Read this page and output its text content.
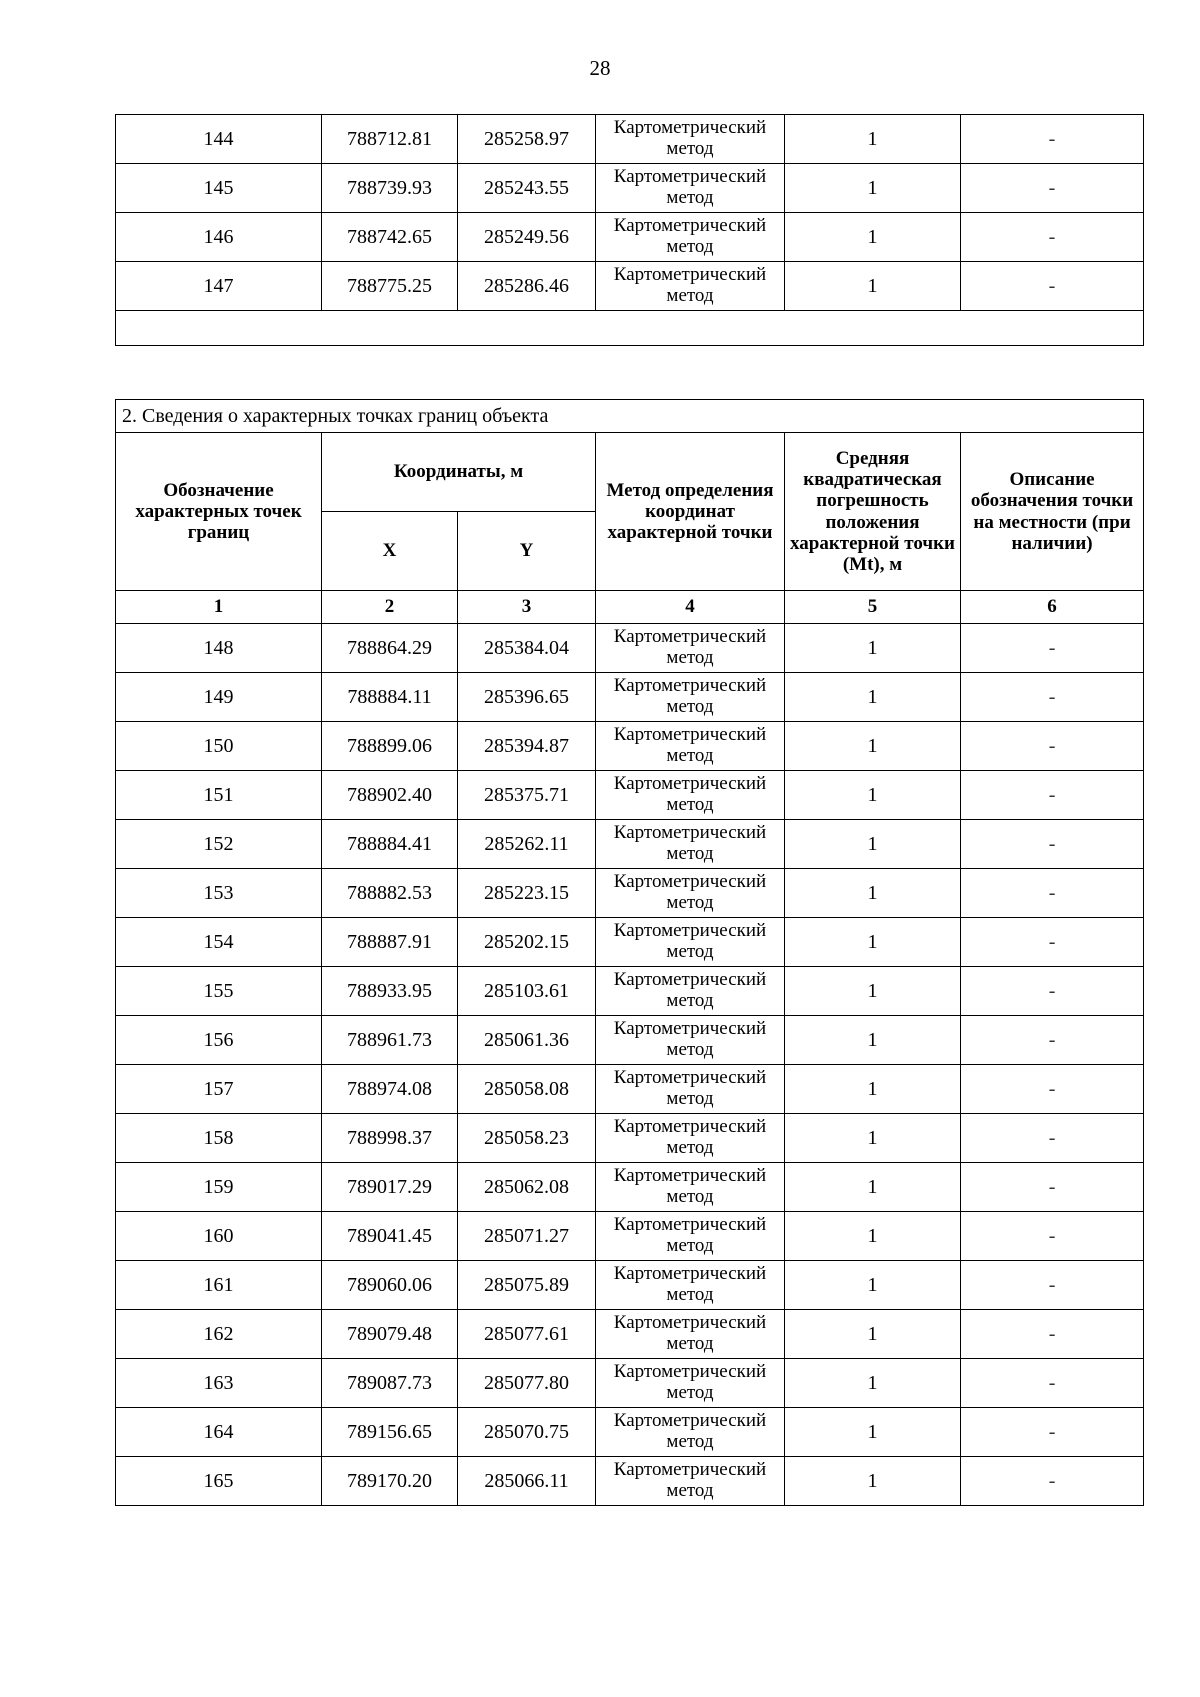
28
144	788712.81	285258.97	Картометрический метод	1	-
145	788739.93	285243.55	Картометрический метод	1	-
146	788742.65	285249.56	Картометрический метод	1	-
147	788775.25	285286.46	Картометрический метод	1	-

2. Сведения о характерных точках границ объекта					
Обозначение характерных точек границ	Координаты, м		Метод определения координат характерной точки	Средняя квадратическая погрешность положения характерной точки (Mt), м	Описание обозначения точки на местности (при наличии)
	X	Y			
1	2	3	4	5	6
148	788864.29	285384.04	Картометрический метод	1	-
149	788884.11	285396.65	Картометрический метод	1	-
150	788899.06	285394.87	Картометрический метод	1	-
151	788902.40	285375.71	Картометрический метод	1	-
152	788884.41	285262.11	Картометрический метод	1	-
153	788882.53	285223.15	Картометрический метод	1	-
154	788887.91	285202.15	Картометрический метод	1	-
155	788933.95	285103.61	Картометрический метод	1	-
156	788961.73	285061.36	Картометрический метод	1	-
157	788974.08	285058.08	Картометрический метод	1	-
158	788998.37	285058.23	Картометрический метод	1	-
159	789017.29	285062.08	Картометрический метод	1	-
160	789041.45	285071.27	Картометрический метод	1	-
161	789060.06	285075.89	Картометрический метод	1	-
162	789079.48	285077.61	Картометрический метод	1	-
163	789087.73	285077.80	Картометрический метод	1	-
164	789156.65	285070.75	Картометрический метод	1	-
165	789170.20	285066.11	Картометрический метод	1	-
